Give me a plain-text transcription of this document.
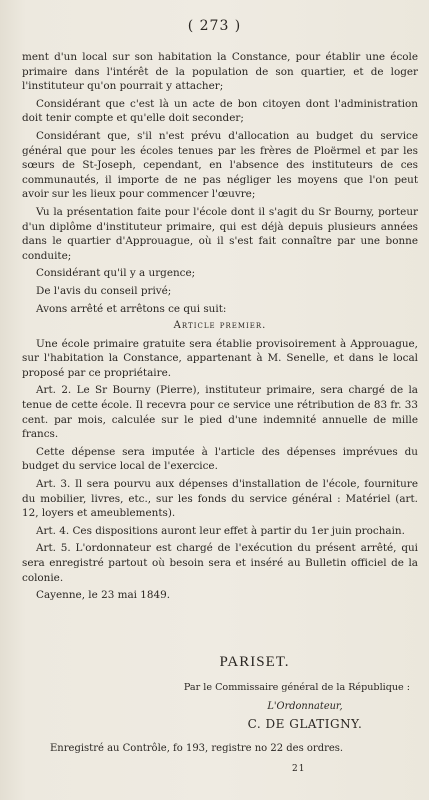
( 273 )

ment d'un local sur son habitation la Constance, pour établir une école primaire dans l'intérêt de la population de son quartier, et de loger l'instituteur qu'on pourrait y attacher;

Considérant que c'est là un acte de bon citoyen dont l'administration doit tenir compte et qu'elle doit seconder;

Considérant que, s'il n'est prévu d'allocation au budget du service général que pour les écoles tenues par les frères de Ploërmel et par les sœurs de St-Joseph, cependant, en l'absence des instituteurs de ces communautés, il importe de ne pas négliger les moyens que l'on peut avoir sur les lieux pour commencer l'œuvre;

Vu la présentation faite pour l'école dont il s'agit du Sr Bourny, porteur d'un diplôme d'instituteur primaire, qui est déjà depuis plusieurs années dans le quartier d'Approuague, où il s'est fait connaître par une bonne conduite;

Considérant qu'il y a urgence;

De l'avis du conseil privé;

Avons arrêté et arrêtons ce qui suit:

Article premier.

Une école primaire gratuite sera établie provisoirement à Approuague, sur l'habitation la Constance, appartenant à M. Senelle, et dans le local proposé par ce propriétaire.

Art. 2. Le Sr Bourny (Pierre), instituteur primaire, sera chargé de la tenue de cette école. Il recevra pour ce service une rétribution de 83 fr. 33 cent. par mois, calculée sur le pied d'une indemnité annuelle de mille francs.

Cette dépense sera imputée à l'article des dépenses imprévues du budget du service local de l'exercice.

Art. 3. Il sera pourvu aux dépenses d'installation de l'école, fourniture du mobilier, livres, etc., sur les fonds du service général : Matériel (art. 12, loyers et ameublements).

Art. 4. Ces dispositions auront leur effet à partir du 1er juin prochain.

Art. 5. L'ordonnateur est chargé de l'exécution du présent arrêté, qui sera enregistré partout où besoin sera et inséré au Bulletin officiel de la colonie.

Cayenne, le 23 mai 1849.

PARISET.
Par le Commissaire général de la République :
L'Ordonnateur,
C. DE GLATIGNY.
Enregistré au Contrôle, fo 193, registre no 22 des ordres.
21
